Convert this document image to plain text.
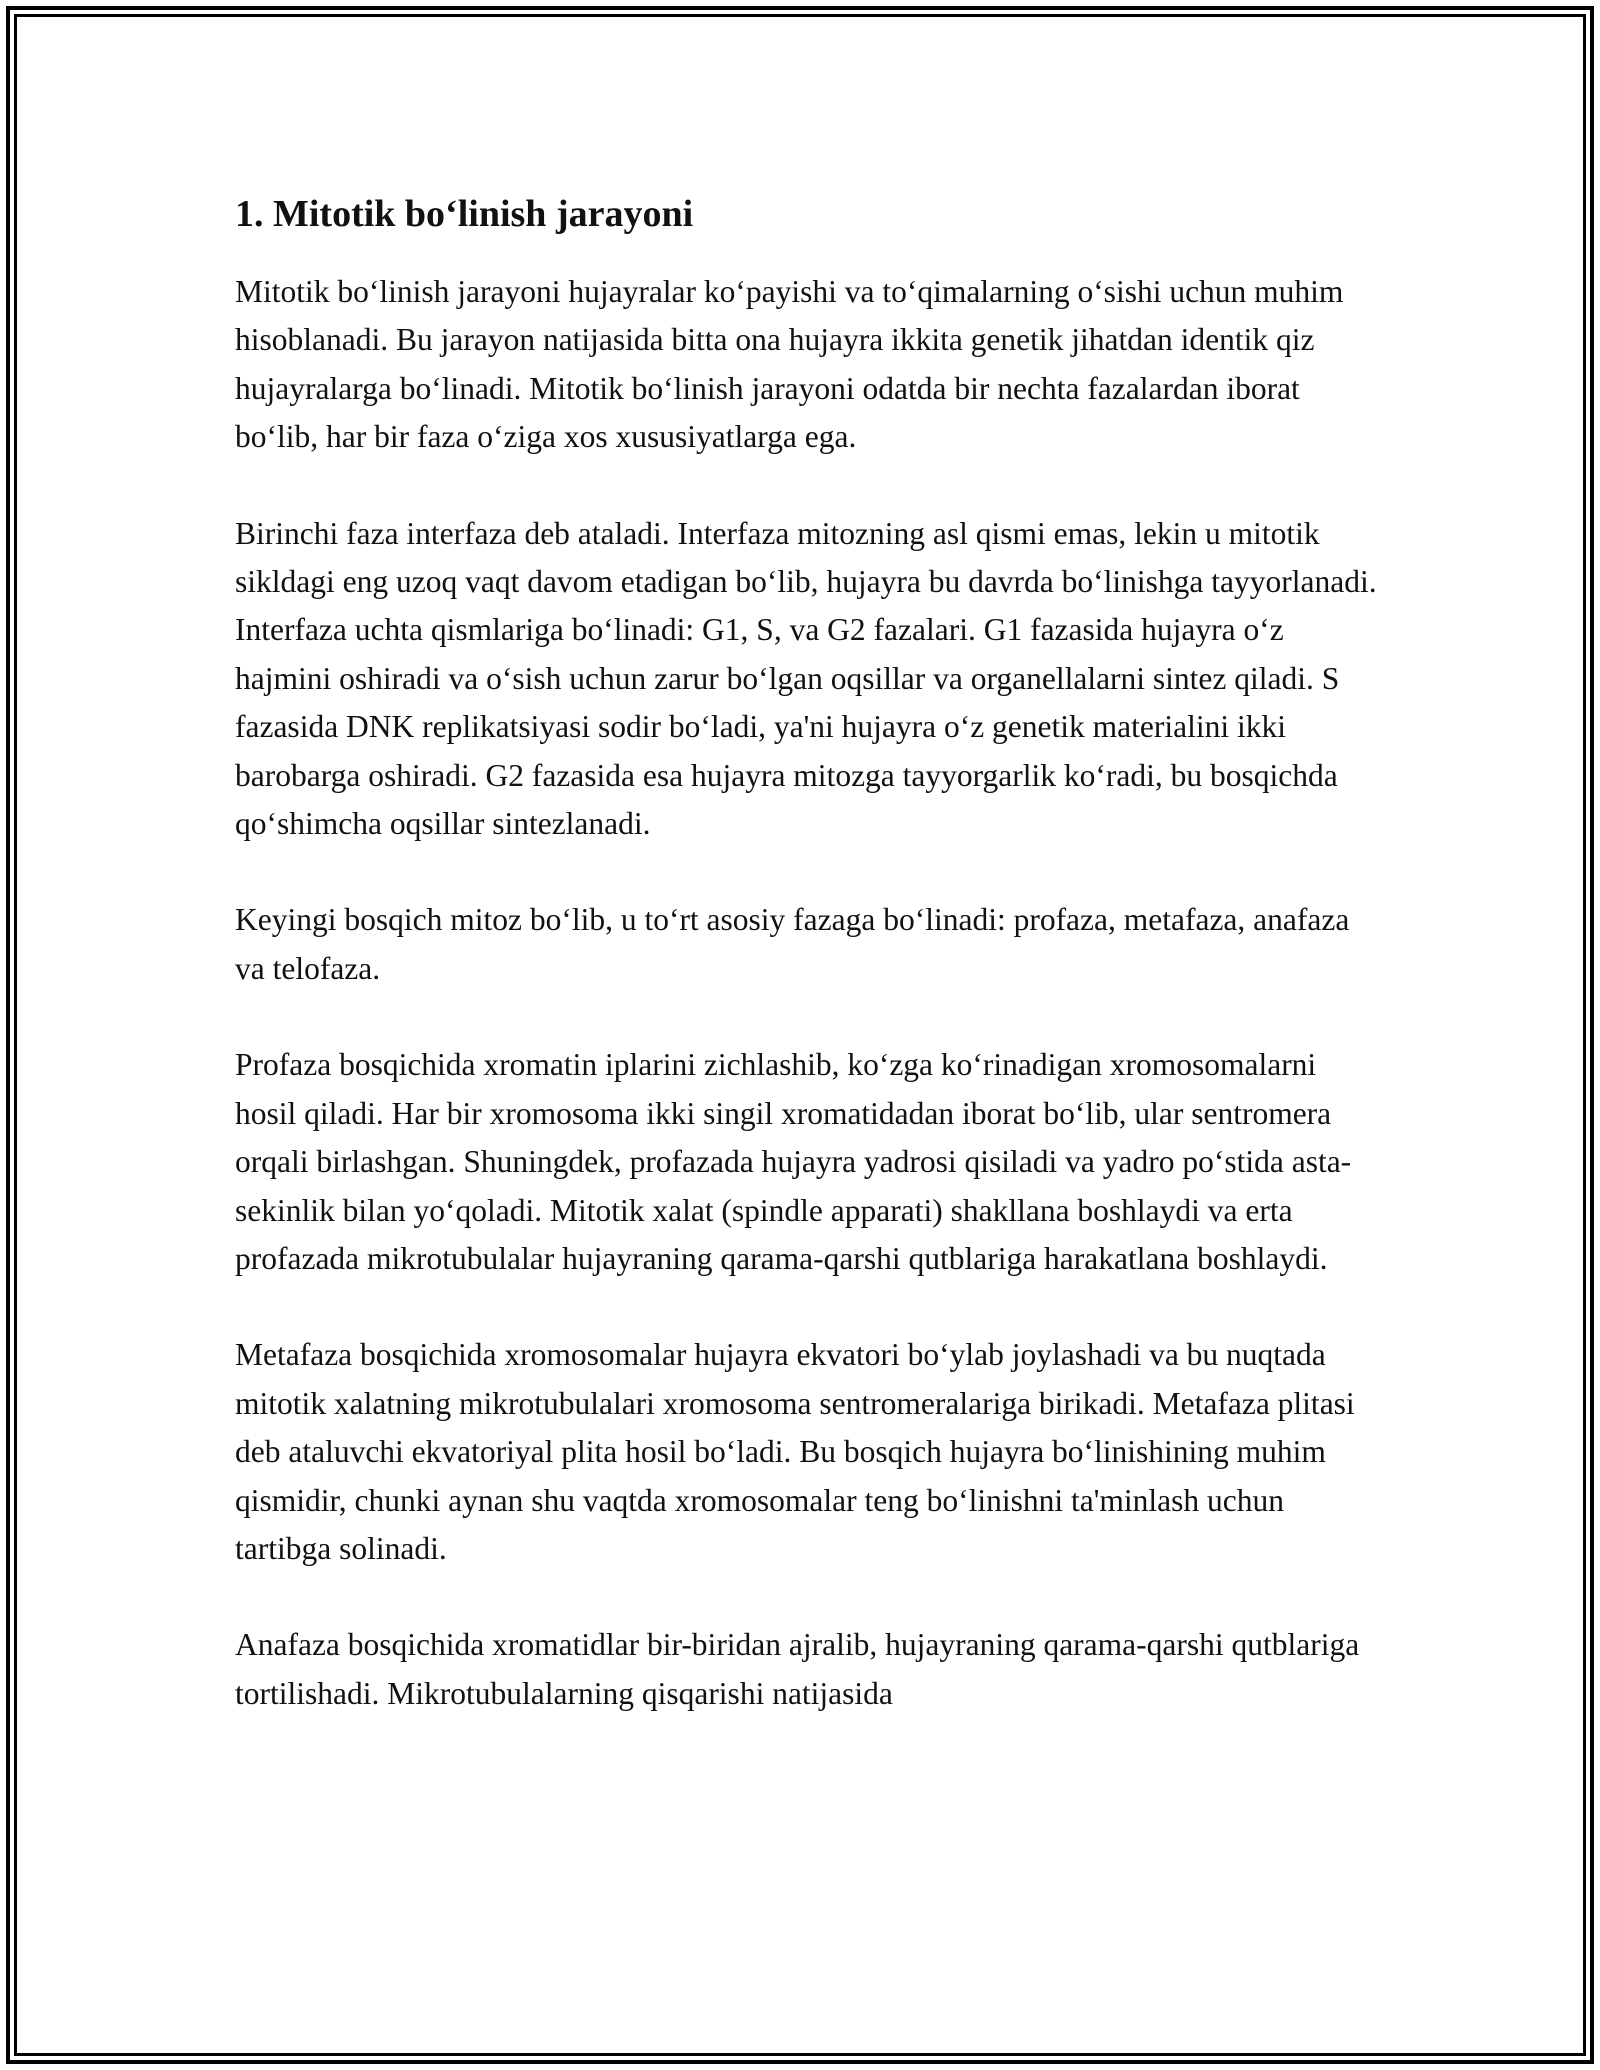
1. Mitotik bo‘linish jarayoni

Mitotik bo‘linish jarayoni hujayralar ko‘payishi va to‘qimalarning o‘sishi uchun muhim hisoblanadi. Bu jarayon natijasida bitta ona hujayra ikkita genetik jihatdan identik qiz hujayralarga bo‘linadi. Mitotik bo‘linish jarayoni odatda bir nechta fazalardan iborat bo‘lib, har bir faza o‘ziga xos xususiyatlarga ega.

Birinchi faza interfaza deb ataladi. Interfaza mitozning asl qismi emas, lekin u mitotik sikldagi eng uzoq vaqt davom etadigan bo‘lib, hujayra bu davrda bo‘linishga tayyorlanadi. Interfaza uchta qismlariga bo‘linadi: G1, S, va G2 fazalari. G1 fazasida hujayra o‘z hajmini oshiradi va o‘sish uchun zarur bo‘lgan oqsillar va organellalarni sintez qiladi. S fazasida DNK replikatsiyasi sodir bo‘ladi, ya'ni hujayra o‘z genetik materialini ikki barobarga oshiradi. G2 fazasida esa hujayra mitozga tayyorgarlik ko‘radi, bu bosqichda qo‘shimcha oqsillar sintezlanadi.

Keyingi bosqich mitoz bo‘lib, u to‘rt asosiy fazaga bo‘linadi: profaza, metafaza, anafaza va telofaza.

Profaza bosqichida xromatin iplarini zichlashib, ko‘zga ko‘rinadigan xromosomalarni hosil qiladi. Har bir xromosoma ikki singil xromatidadan iborat bo‘lib, ular sentromera orqali birlashgan. Shuningdek, profazada hujayra yadrosi qisiladi va yadro po‘stida asta-sekinlik bilan yo‘qoladi. Mitotik xalat (spindle apparati) shakllana boshlaydi va erta profazada mikrotubulalar hujayraning qarama-qarshi qutblariga harakatlana boshlaydi.

Metafaza bosqichida xromosomalar hujayra ekvatori bo‘ylab joylashadi va bu nuqtada mitotik xalatning mikrotubulalari xromosoma sentromeralariga birikadi. Metafaza plitasi deb ataluvchi ekvatoriyal plita hosil bo‘ladi. Bu bosqich hujayra bo‘linishining muhim qismidir, chunki aynan shu vaqtda xromosomalar teng bo‘linishni ta'minlash uchun tartibga solinadi.

Anafaza bosqichida xromatidlar bir-biridan ajralib, hujayraning qarama-qarshi qutblariga tortilishadi. Mikrotubulalarning qisqarishi natijasida
